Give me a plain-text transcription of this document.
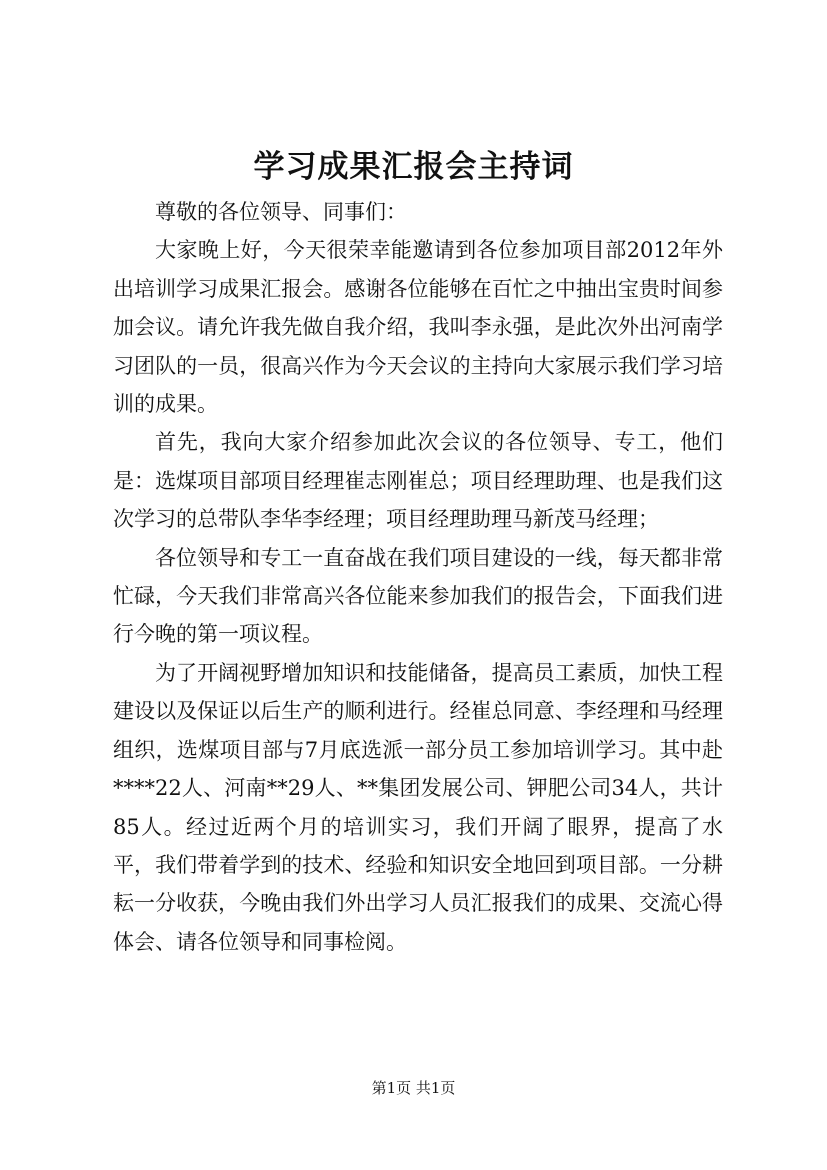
学习成果汇报会主持词

尊敬的各位领导、同事们：

大家晚上好，今天很荣幸能邀请到各位参加项目部2012年外出培训学习成果汇报会。感谢各位能够在百忙之中抽出宝贵时间参加会议。请允许我先做自我介绍，我叫李永强，是此次外出河南学习团队的一员，很高兴作为今天会议的主持向大家展示我们学习培训的成果。

首先，我向大家介绍参加此次会议的各位领导、专工，他们是：选煤项目部项目经理崔志刚崔总；项目经理助理、也是我们这次学习的总带队李华李经理；项目经理助理马新茂马经理；

各位领导和专工一直奋战在我们项目建设的一线，每天都非常忙碌，今天我们非常高兴各位能来参加我们的报告会，下面我们进行今晚的第一项议程。

为了开阔视野增加知识和技能储备，提高员工素质，加快工程建设以及保证以后生产的顺利进行。经崔总同意、李经理和马经理组织，选煤项目部与7月底选派一部分员工参加培训学习。其中赴****22人、河南**29人、**集团发展公司、钾肥公司34人，共计85人。经过近两个月的培训实习，我们开阔了眼界，提高了水平，我们带着学到的技术、经验和知识安全地回到项目部。一分耕耘一分收获，今晚由我们外出学习人员汇报我们的成果、交流心得体会、请各位领导和同事检阅。

第1页 共1页
